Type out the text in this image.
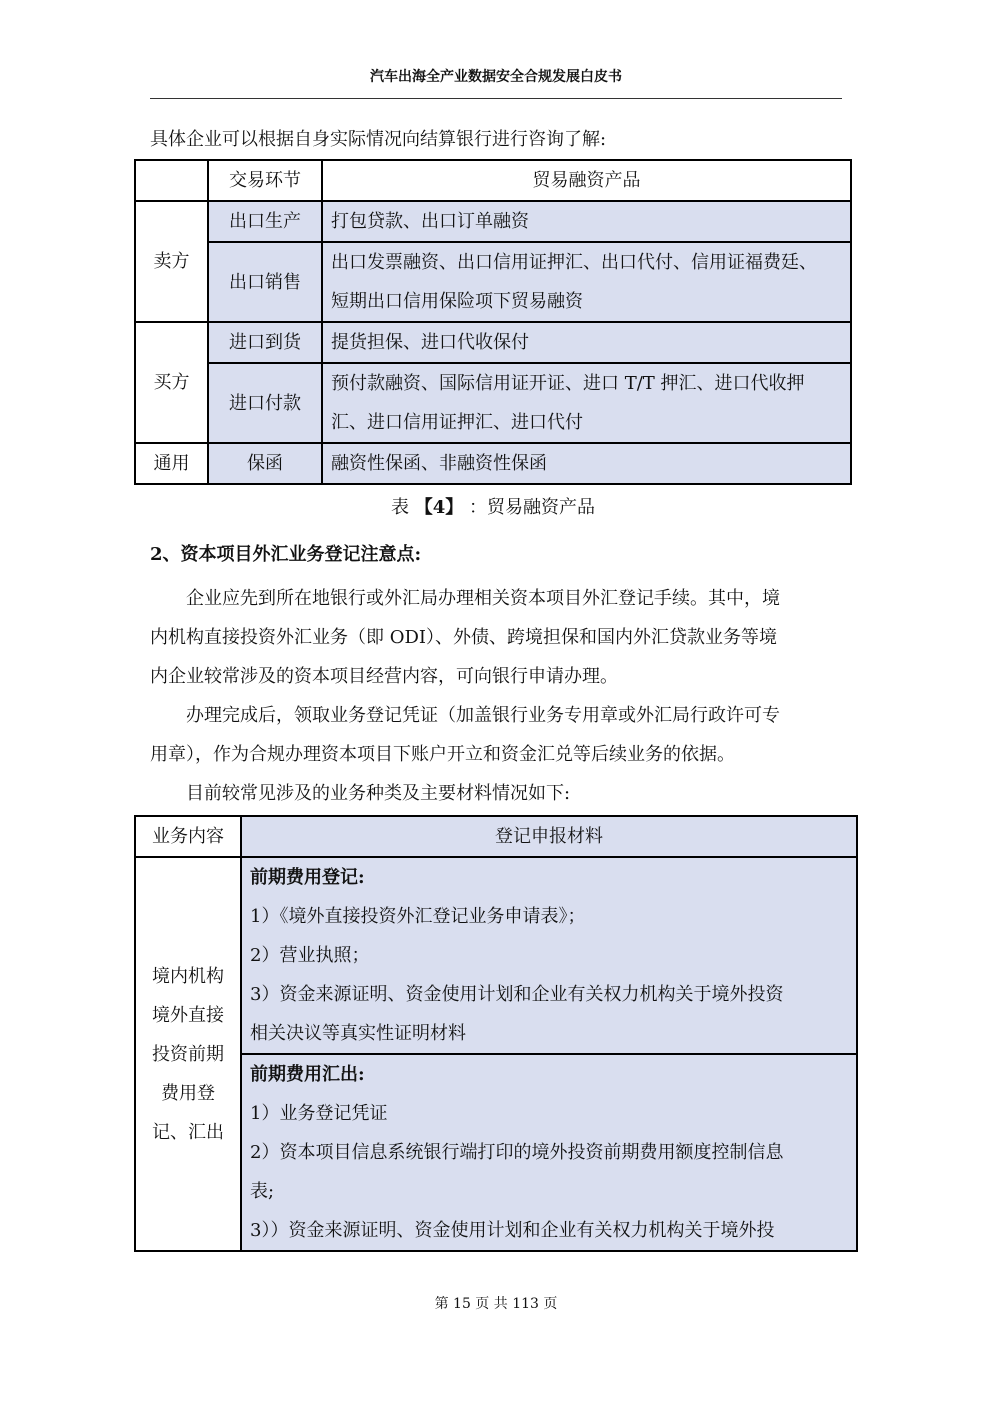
汽车出海全产业数据安全合规发展白皮书

具体企业可以根据自身实际情况向结算银行进行咨询了解:

	交易环节	贸易融资产品
卖方	出口生产	打包贷款、出口订单融资
	出口销售	出口发票融资、出口信用证押汇、出口代付、信用证福费廷、
短期出口信用保险项下贸易融资

买方	进口到货	提货担保、进口代收保付
	进口付款	预付款融资、国际信用证开证、进口 T/T 押汇、进口代收押
汇、进口信用证押汇、进口代付

通用	保函	融资性保函、非融资性保函
表 【4】 ：贸易融资产品
2、资本项目外汇业务登记注意点:

企业应先到所在地银行或外汇局办理相关资本项目外汇登记手续。其中，境
内机构直接投资外汇业务（即 ODI）、外债、跨境担保和国内外汇贷款业务等境
内企业较常涉及的资本项目经营内容，可向银行申请办理。

办理完成后，领取业务登记凭证（加盖银行业务专用章或外汇局行政许可专
用章），作为合规办理资本项目下账户开立和资金汇兑等后续业务的依据。

目前较常见涉及的业务种类及主要材料情况如下:

业务内容	登记申报材料

境内机构
境外直接
投资前期
费用登
记、汇出	前期费用登记:
1）《境外直接投资外汇登记业务申请表》；
2）营业执照；
3）资金来源证明、资金使用计划和企业有关权力机构关于境外投资
相关决议等真实性证明材料

	前期费用汇出:
1）业务登记凭证
2）资本项目信息系统银行端打印的境外投资前期费用额度控制信息
表;
3））资金来源证明、资金使用计划和企业有关权力机构关于境外投
第 15 页 共 113 页
